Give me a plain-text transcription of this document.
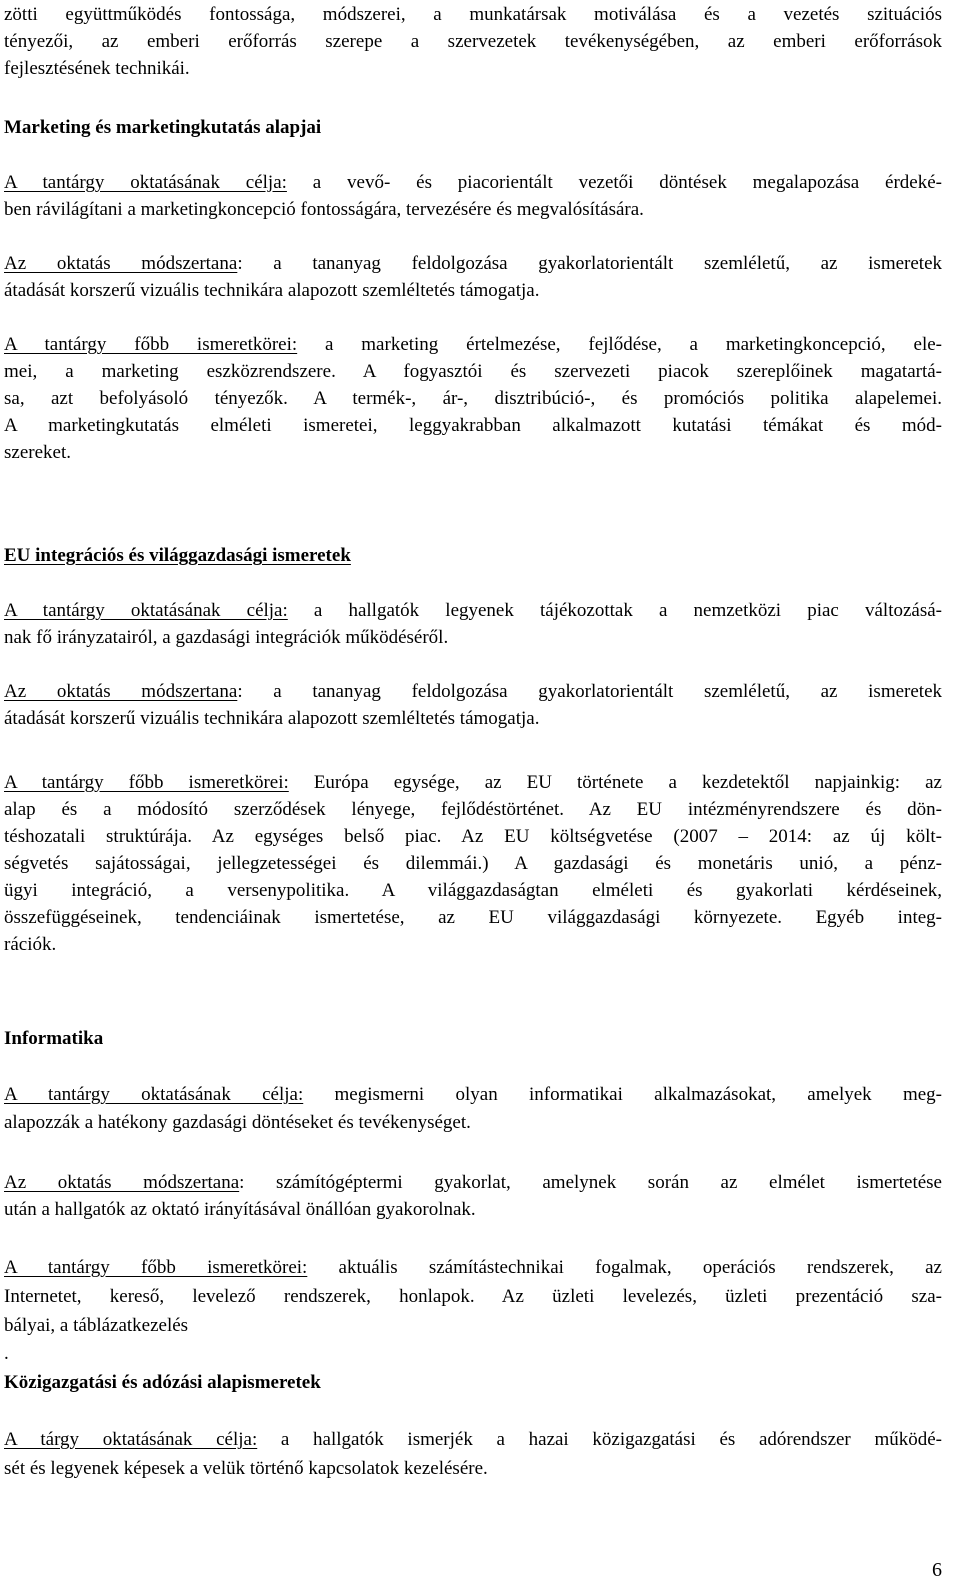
zötti együttműködés fontossága, módszerei, a munkatársak motiválása és a vezetés szituációs
tényezői, az emberi erőforrás szerepe a szervezetek tevékenységében, az emberi erőforrások
fejlesztésének technikái.
Marketing és marketingkutatás alapjai
A tantárgy oktatásának célja: a vevő- és piacorientált vezetői döntések megalapozása érdeké-
ben rávilágítani a marketingkoncepció fontosságára, tervezésére és megvalósítására.
Az oktatás módszertana: a tananyag feldolgozása gyakorlatorientált szemléletű, az ismeretek
átadását korszerű vizuális technikára alapozott szemléltetés támogatja.
A tantárgy főbb ismeretkörei: a marketing értelmezése, fejlődése, a marketingkoncepció, ele-
mei, a marketing eszközrendszere. A fogyasztói és szervezeti piacok szereplőinek magatartá-
sa, azt befolyásoló tényezők. A termék-, ár-, disztribúció-, és promóciós politika alapelemei.
A marketingkutatás elméleti ismeretei, leggyakrabban alkalmazott kutatási témákat és mód-
szereket.
EU integrációs és világgazdasági ismeretek
A tantárgy oktatásának célja: a hallgatók legyenek tájékozottak a nemzetközi piac változásá-
nak fő irányzatairól, a gazdasági integrációk működéséről.
Az oktatás módszertana: a tananyag feldolgozása gyakorlatorientált szemléletű, az ismeretek
átadását korszerű vizuális technikára alapozott szemléltetés támogatja.
A tantárgy főbb ismeretkörei: Európa egysége, az EU története a kezdetektől napjainkig: az
alap és a módosító szerződések lényege, fejlődéstörténet. Az EU intézményrendszere és dön-
téshozatali struktúrája. Az egységes belső piac. Az EU költségvetése (2007 – 2014: az új költ-
ségvetés sajátosságai, jellegzetességei és dilemmái.) A gazdasági és monetáris unió, a pénz-
ügyi integráció, a versenypolitika. A világgazdaságtan elméleti és gyakorlati kérdéseinek,
összefüggéseinek, tendenciáinak ismertetése, az EU világgazdasági környezete. Egyéb integ-
rációk.
Informatika
A tantárgy oktatásának célja: megismerni olyan informatikai alkalmazásokat, amelyek meg-
alapozzák a hatékony gazdasági döntéseket és tevékenységet.
Az oktatás módszertana: számítógéptermi gyakorlat, amelynek során az elmélet ismertetése
után a hallgatók az oktató irányításával önállóan gyakorolnak.
A tantárgy főbb ismeretkörei: aktuális számítástechnikai fogalmak, operációs rendszerek, az
Internetet, kereső, levelező rendszerek, honlapok. Az üzleti levelezés, üzleti prezentáció sza-
bályai, a táblázatkezelés
.
Közigazgatási és adózási alapismeretek
A tárgy oktatásának célja: a hallgatók ismerjék a hazai közigazgatási és adórendszer működé-
sét és legyenek képesek a velük történő kapcsolatok kezelésére.
6
